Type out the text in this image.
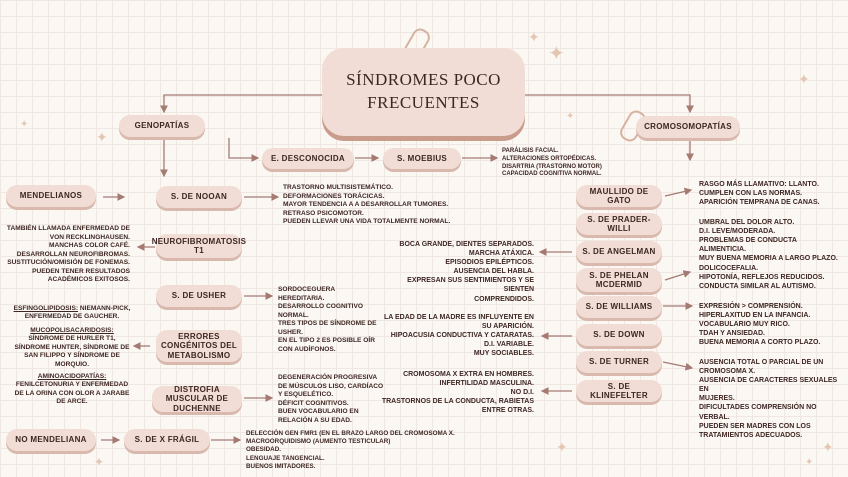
✦
✦
✦
✦
✦
✦
✦	✦
✦	✦
SÍNDROMES POCO
FRECUENTES
GENOPATÍAS
E. DESCONOCIDA	S. MOEBIUS
PARÁLISIS FACIAL.
ALTERACIONES ORTOPÉDICAS.
DISARTRIA (TRASTORNO MOTOR)
CAPACIDAD COGNITIVA NORMAL.
MENDELIANOS	S. DE NOOAN
TRASTORNO MULTISISTEMÁTICO.
DEFORMACIONES TORÁCICAS.
MAYOR TENDENCIA A A DESARROLLAR TUMORES.
RETRASO PSICOMOTOR.
PUEDEN LLEVAR UNA VIDA TOTALMENTE NORMAL.
TAMBIÉN LLAMADA ENFERMEDAD DE
VON RECKLINGHAUSEN.
MANCHAS COLOR CAFÉ.
DESARROLLAN NEUROFIBROMAS.
SUSTITUCIÓN/OMISIÓN DE FONEMAS.
PUEDEN TENER RESULTADOS
ACADÉMICOS EXITOSOS.
NEUROFIBROMATOSIS T1
S. DE USHER
SORDOCEGUERA
HEREDITARIA.
DESARROLLO COGNITIVO
NORMAL.
TRES TIPOS DE SÍNDROME DE
USHER.
EN EL TIPO 2 ES POSIBLE OÍR
CON AUDÍFONOS.

ESFINGOLIPIDOSIS: NIEMANN-PICK,
ENFERMEDAD DE GAUCHER.

MUCOPOLISACARIDOSIS:
SÍNDROME DE HURLER T1,
SÍNDROME HUNTER, SÍNDROME DE
SAN FILIPPO Y SÍNDROME DE
MORQUIO.

AMINOACIDOPATÍAS:
FENILCETONURIA Y ENFERMEDAD
DE LA ORINA CON OLOR A JARABE
DE ARCE.

ERRORES CONGÉNITOS DEL METABOLISMO
DISTROFIA MUSCULAR DE DUCHENNE
DEGENERACIÓN PROGRESIVA
DE MÚSCULOS LISO, CARDÍACO
Y ESQUELÉTICO.
DÉFICIT COGNITIVOS.
BUEN VOCABULARIO EN
RELACIÓN A SU EDAD.
NO MENDELIANA	S. DE X FRÁGIL
DELECCIÓN GEN FMR1 (EN EL BRAZO LARGO DEL CROMOSOMA X.
MACROORQUIDISMO (AUMENTO TESTICULAR)
OBESIDAD.
LENGUAJE TANGENCIAL.
BUENOS IMITADORES.
CROMOSOMOPATÍAS
MAULLIDO DE GATO
RASGO MÁS LLAMATIVO: LLANTO.
CUMPLEN CON LAS NORMAS.
APARICIÓN TEMPRANA DE CANAS.
S. DE PRADER-WILLI
UMBRAL DEL DOLOR ALTO.
D.I. LEVE/MODERADA.
PROBLEMAS DE CONDUCTA ALIMENTICIA.
MUY BUENA MEMORIA A LARGO PLAZO.
S. DE ANGELMAN
BOCA GRANDE, DIENTES SEPARADOS.
MARCHA ATÁXICA.
EPISODIOS EPILÉPTICOS.
AUSENCIA DEL HABLA.
EXPRESAN SUS SENTIMIENTOS Y SE SIENTEN
COMPRENDIDOS.
S. DE PHELAN MCDERMID
DOLICOCEFALIA.
HIPOTONÍA, REFLEJOS REDUCIDOS.
CONDUCTA SIMILAR AL AUTISMO.
S. DE WILLIAMS	EXPRESIÓN > COMPRENSIÓN.
HIPERLAXITUD EN LA INFANCIA.
VOCABULARIO MUY RICO.
TDAH Y ANSIEDAD.
BUENA MEMORIA A CORTO PLAZO.
S. DE DOWN
LA EDAD DE LA MADRE ES INFLUYENTE EN
SU APARICIÓN.
HIPOACUSIA CONDUCTIVA Y CATARATAS.
D.I. VARIABLE.
MUY SOCIABLES.
S. DE TURNER	AUSENCIA TOTAL O PARCIAL DE UN
CROMOSOMA X.
AUSENCIA DE CARACTERES SEXUALES EN
MUJERES.
DIFICULTADES COMPRENSIÓN NO VERBAL.
PUEDEN SER MADRES CON LOS
TRATAMIENTOS ADECUADOS.
S. DE KLINEFELTER
CROMOSOMA X EXTRA EN HOMBRES.
INFERTILIDAD MASCULINA.
NO D.I.
TRASTORNOS DE LA CONDUCTA, RABIETAS
ENTRE OTRAS.
